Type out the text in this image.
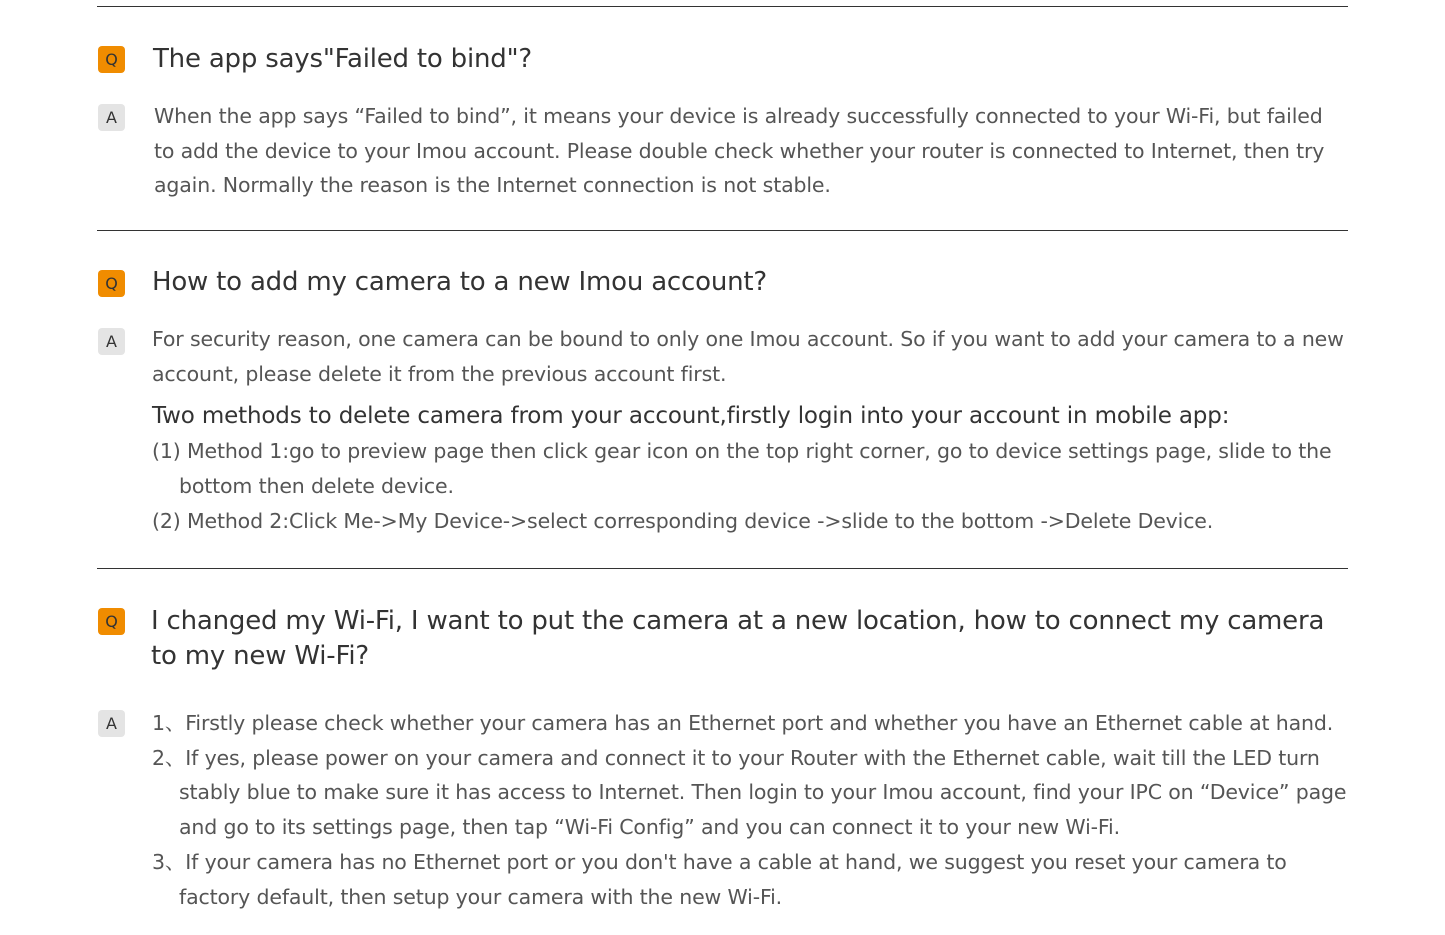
Q The app says"Failed to bind"?
A	When the app says “Failed to bind”, it means your device is already successfully connected to your Wi-Fi, but failed to add the device to your Imou account. Please double check whether your router is connected to Internet, then try again. Normally the reason is the Internet connection is not stable.
Q How to add my camera to a new Imou account?
A	For security reason, one camera can be bound to only one Imou account. So if you want to add your camera to a new account, please delete it from the previous account first.

Two methods to delete camera from your account,firstly login into your account in mobile app:

(1) Method 1:go to preview page then click gear icon on the top right corner, go to device settings page, slide to the bottom then delete device.

(2) Method 2:Click Me->My Device->select corresponding device ->slide to the bottom ->Delete Device.

Q I changed my Wi-Fi, I want to put the camera at a new location, how to connect my camera to my new Wi-Fi?
A	1、Firstly please check whether your camera has an Ethernet port and whether you have an Ethernet cable at hand.

2、If yes, please power on your camera and connect it to your Router with the Ethernet cable, wait till the LED turn stably blue to make sure it has access to Internet. Then login to your Imou account, find your IPC on “Device” page and go to its settings page, then tap “Wi-Fi Config” and you can connect it to your new Wi-Fi.

3、If your camera has no Ethernet port or you don't have a cable at hand, we suggest you reset your camera to factory default, then setup your camera with the new Wi-Fi.
